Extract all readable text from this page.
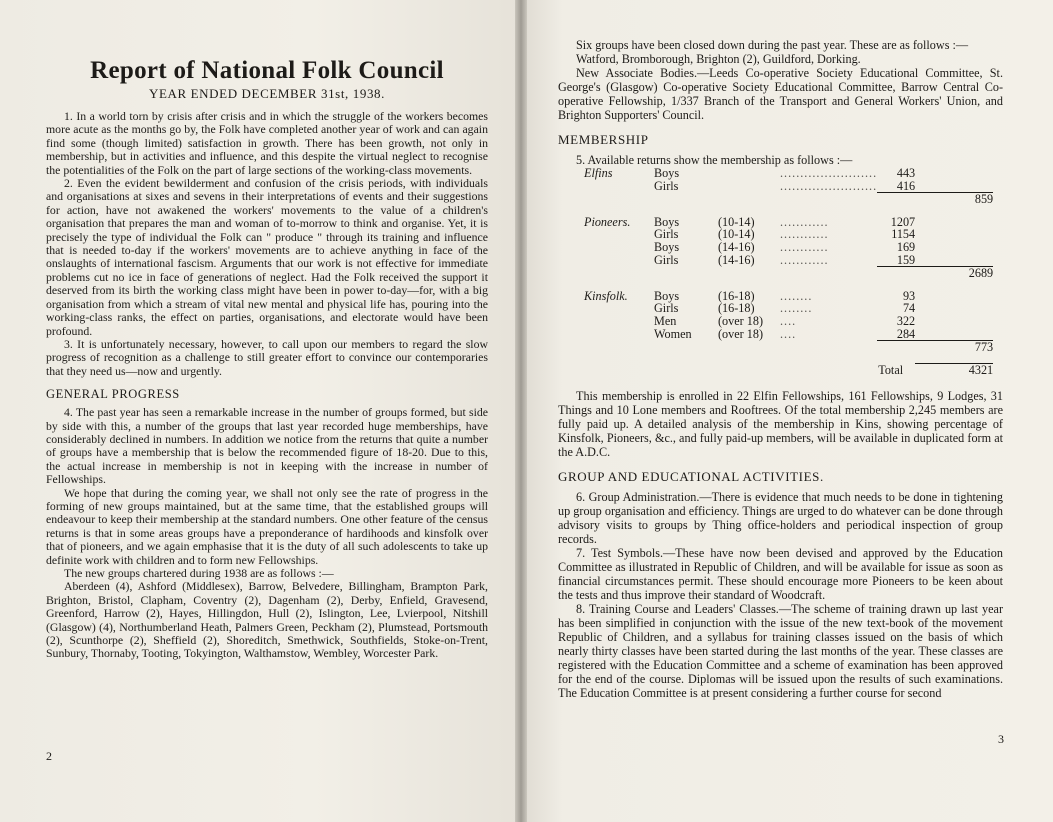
Report of National Folk Council
YEAR ENDED DECEMBER 31st, 1938.

1. In a world torn by crisis after crisis and in which the struggle of the workers becomes more acute as the months go by, the Folk have completed another year of work and can again find some (though limited) satisfaction in growth. There has been growth, not only in membership, but in activities and influence, and this despite the virtual neglect to recognise the potentialities of the Folk on the part of large sections of the working-class movements.

2. Even the evident bewilderment and confusion of the crisis periods, with individuals and organisations at sixes and sevens in their interpretations of events and their suggestions for action, have not awakened the workers' movements to the value of a children's organisation that prepares the man and woman of to-morrow to think and organise. Yet, it is precisely the type of individual the Folk can " produce " through its training and influence that is needed to-day if the workers' movements are to achieve anything in face of the onslaughts of international fascism. Arguments that our work is not effective for immediate problems cut no ice in face of generations of neglect. Had the Folk received the support it deserved from its birth the working class might have been in power to-day—for, with a big organisation from which a stream of vital new mental and physical life has, pouring into the working-class ranks, the effect on parties, organisations, and electorate would have been profound.

3. It is unfortunately necessary, however, to call upon our members to regard the slow progress of recognition as a challenge to still greater effort to convince our contemporaries that they need us—now and urgently.

GENERAL PROGRESS

4. The past year has seen a remarkable increase in the number of groups formed, but side by side with this, a number of the groups that last year recorded huge memberships, have considerably declined in numbers. In addition we notice from the returns that quite a number of groups have a membership that is below the recommended figure of 18-20. Due to this, the actual increase in membership is not in keeping with the increase in number of Fellowships.

We hope that during the coming year, we shall not only see the rate of progress in the forming of new groups maintained, but at the same time, that the established groups will endeavour to keep their membership at the standard numbers. One other feature of the census returns is that in some areas groups have a preponderance of hardihoods and kinsfolk over that of pioneers, and we again emphasise that it is the duty of all such adolescents to take up definite work with children and to form new Fellowships.

The new groups chartered during 1938 are as follows :—

Aberdeen (4), Ashford (Middlesex), Barrow, Belvedere, Billingham, Brampton Park, Brighton, Bristol, Clapham, Coventry (2), Dagenham (2), Derby, Enfield, Gravesend, Greenford, Harrow (2), Hayes, Hillingdon, Hull (2), Islington, Lee, Lvierpool, Nitshill (Glasgow) (4), Northumberland Heath, Palmers Green, Peckham (2), Plumstead, Portsmouth (2), Scunthorpe (2), Sheffield (2), Shoreditch, Smethwick, Southfields, Stoke-on-Trent, Sunbury, Thornaby, Tooting, Tokyington, Walthamstow, Wembley, Worcester Park.

2

Six groups have been closed down during the past year. These are as follows :—

Watford, Bromborough, Brighton (2), Guildford, Dorking.

New Associate Bodies.—Leeds Co-operative Society Educational Committee, St. George's (Glasgow) Co-operative Society Educational Committee, Barrow Central Co-operative Fellowship, 1/337 Branch of the Transport and General Workers' Union, and Brighton Supporters' Council.

MEMBERSHIP

5. Available returns show the membership as follows :—

Elfins	Boys		........................	443	
	Girls		........................	416	
					859

Pioneers.	Boys	(10-14)	............	1207	
	Girls	(10-14)	............	1154	
	Boys	(14-16)	............	169	
	Girls	(14-16)	............	159	
					2689

Kinsfolk.	Boys	(16-18)	........	93	
	Girls	(16-18)	........	74	
	Men	(over 18)	....	322	
	Women	(over 18)	....	284	
					773

			Total		4321

This membership is enrolled in 22 Elfin Fellowships, 161 Fellowships, 9 Lodges, 31 Things and 10 Lone members and Rooftrees. Of the total membership 2,245 members are fully paid up. A detailed analysis of the membership in Kins, showing percentage of Kinsfolk, Pioneers, &c., and fully paid-up members, will be available in duplicated form at the A.D.C.

GROUP AND EDUCATIONAL ACTIVITIES.

6. Group Administration.—There is evidence that much needs to be done in tightening up group organisation and efficiency. Things are urged to do whatever can be done through advisory visits to groups by Thing office-holders and periodical inspection of group records.

7. Test Symbols.—These have now been devised and approved by the Education Committee as illustrated in Republic of Children, and will be available for issue as soon as financial circumstances permit. These should encourage more Pioneers to be keen about the tests and thus improve their standard of Woodcraft.

8. Training Course and Leaders' Classes.—The scheme of training drawn up last year has been simplified in conjunction with the issue of the new text-book of the movement Republic of Children, and a syllabus for training classes issued on the basis of which nearly thirty classes have been started during the last months of the year. These classes are registered with the Education Committee and a scheme of examination has been approved for the end of the course. Diplomas will be issued upon the results of such examinations. The Education Committee is at present considering a further course for second

3
